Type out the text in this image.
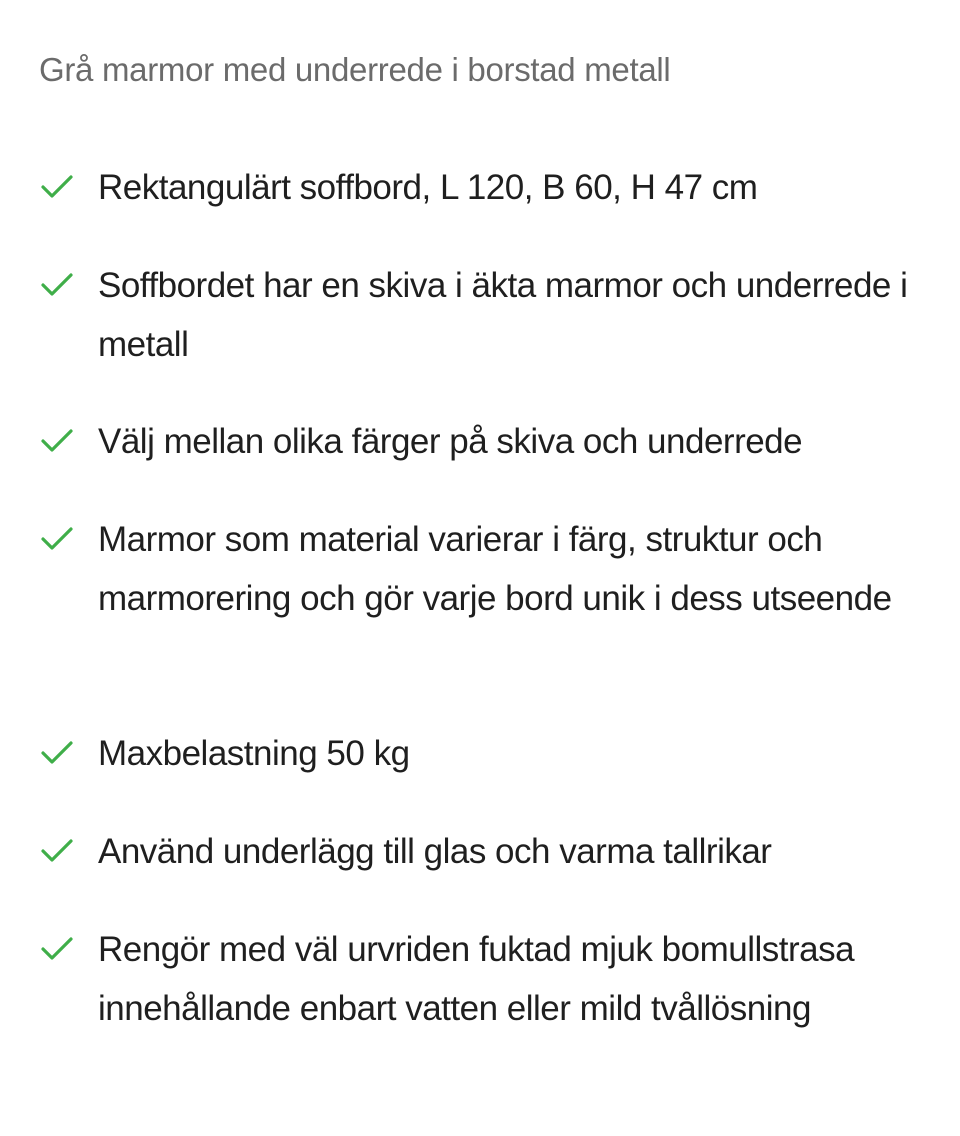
Grå marmor med underrede i borstad metall
Rektangulärt soffbord, L 120, B 60, H 47 cm
Soffbordet har en skiva i äkta marmor och underrede i metall
Välj mellan olika färger på skiva och underrede
Marmor som material varierar i färg, struktur och marmorering och gör varje bord unik i dess utseende
Maxbelastning 50 kg
Använd underlägg till glas och varma tallrikar
Rengör med väl urvriden fuktad mjuk bomullstrasa innehållande enbart vatten eller mild tvållösning
